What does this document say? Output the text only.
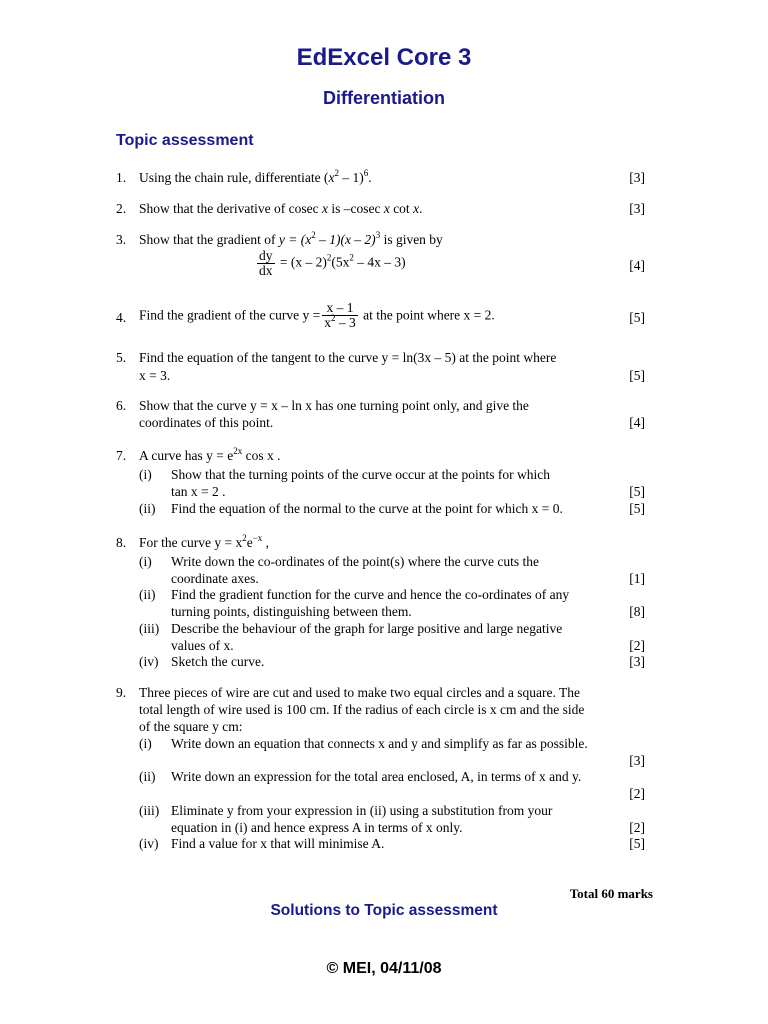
EdExcel Core 3
Differentiation
Topic assessment
1. Using the chain rule, differentiate $(x^2 - 1)^6$.	[3]
2. Show that the derivative of cosec x is –cosec x cot x.	[3]
3. Show that the gradient of $y = (x^2 - 1)(x - 2)^3$ is given by
$\frac{dy}{dx} = (x - 2)^2(5x^2 - 4x - 3)$	[4]
4. Find the gradient of the curve $y = \frac{x - 1}{x^2 - 3}$ at the point where x = 2.	[5]
5. Find the equation of the tangent to the curve y = ln(3x – 5) at the point where
x = 3.	[5]
6. Show that the curve y = x – ln x has one turning point only, and give the
coordinates of this point.	[4]
7. A curve has $y = e^{2x}$ cos x .
(i) Show that the turning points of the curve occur at the points for which
tan x = 2 .	[5]
(ii) Find the equation of the normal to the curve at the point for which x = 0.	[5]
8. For the curve $y = x^2e^{-x}$ ,
(i) Write down the co-ordinates of the point(s) where the curve cuts the
coordinate axes.	[1]
(ii) Find the gradient function for the curve and hence the co-ordinates of any
turning points, distinguishing between them.	[8]
(iii) Describe the behaviour of the graph for large positive and large negative
values of x.	[2]
(iv) Sketch the curve.	[3]
9. Three pieces of wire are cut and used to make two equal circles and a square. The
total length of wire used is 100 cm. If the radius of each circle is x cm and the side
of the square y cm:
(i) Write down an equation that connects x and y and simplify as far as possible.
[3]
(ii) Write down an expression for the total area enclosed, A, in terms of x and y.
[2]
(iii) Eliminate y from your expression in (ii) using a substitution from your
equation in (i) and hence express A in terms of x only.	[2]
(iv) Find a value for x that will minimise A.	[5]
Total 60 marks
Solutions to Topic assessment
© MEI, 04/11/08
